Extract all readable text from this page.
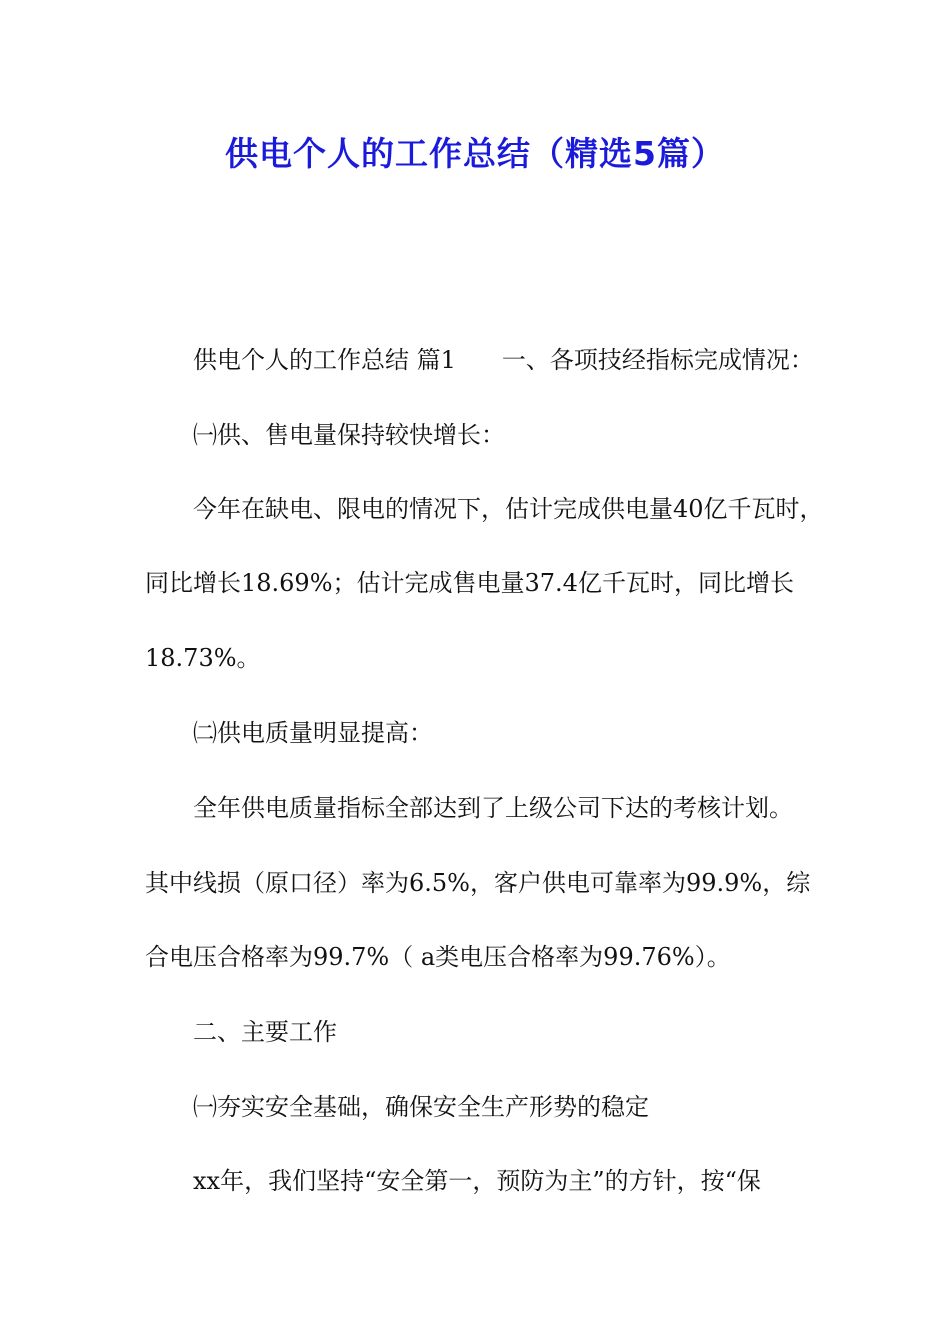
供电个人的工作总结（精选5篇）
供电个人的工作总结 篇1 一、各项技经指标完成情况：
㈠供、售电量保持较快增长：
今年在缺电、限电的情况下，估计完成供电量40亿千瓦时，
同比增长18.69%；估计完成售电量37.4亿千瓦时，同比增长
18.73%。
㈡供电质量明显提高：
全年供电质量指标全部达到了上级公司下达的考核计划。
其中线损（原口径）率为6.5%，客户供电可靠率为99.9%，综
合电压合格率为99.7%（ a类电压合格率为99.76%）。
二、主要工作
㈠夯实安全基础，确保安全生产形势的稳定
xx年，我们坚持“安全第一，预防为主”的方针，按“保
